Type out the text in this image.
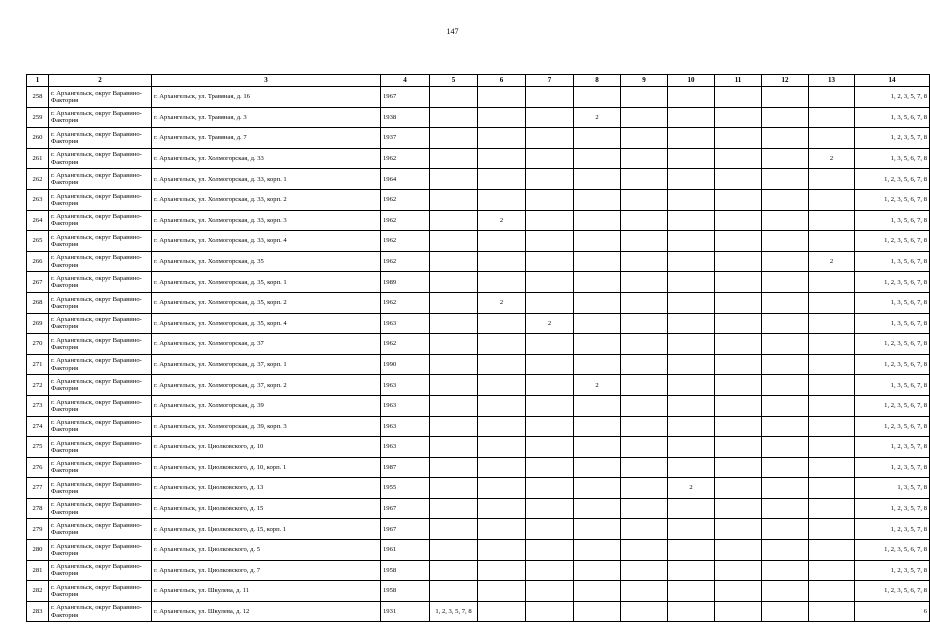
147
1	2	3	4	5	6	7	8	9	10	11	12	13	14
258	г. Архангельск, округ Варавино-Фактория	г. Архангельск, ул. Травяная, д. 16	1967										1, 2, 3, 5, 7, 8
259	г. Архангельск, округ Варавино-Фактория	г. Архангельск, ул. Травяная, д. 3	1938				2						1, 3, 5, 6, 7, 8
260	г. Архангельск, округ Варавино-Фактория	г. Архангельск, ул. Травяная, д. 7	1937										1, 2, 3, 5, 7, 8
261	г. Архангельск, округ Варавино-Фактория	г. Архангельск, ул. Холмогорская, д. 33	1962									2	1, 3, 5, 6, 7, 8
262	г. Архангельск, округ Варавино-Фактория	г. Архангельск, ул. Холмогорская, д. 33, корп. 1	1964										1, 2, 3, 5, 6, 7, 8
263	г. Архангельск, округ Варавино-Фактория	г. Архангельск, ул. Холмогорская, д. 33, корп. 2	1962										1, 2, 3, 5, 6, 7, 8
264	г. Архангельск, округ Варавино-Фактория	г. Архангельск, ул. Холмогорская, д. 33, корп. 3	1962		2								1, 3, 5, 6, 7, 8
265	г. Архангельск, округ Варавино-Фактория	г. Архангельск, ул. Холмогорская, д. 33, корп. 4	1962										1, 2, 3, 5, 6, 7, 8
266	г. Архангельск, округ Варавино-Фактория	г. Архангельск, ул. Холмогорская, д. 35	1962									2	1, 3, 5, 6, 7, 8
267	г. Архангельск, округ Варавино-Фактория	г. Архангельск, ул. Холмогорская, д. 35, корп. 1	1989										1, 2, 3, 5, 6, 7, 8
268	г. Архангельск, округ Варавино-Фактория	г. Архангельск, ул. Холмогорская, д. 35, корп. 2	1962		2								1, 3, 5, 6, 7, 8
269	г. Архангельск, округ Варавино-Фактория	г. Архангельск, ул. Холмогорская, д. 35, корп. 4	1963			2							1, 3, 5, 6, 7, 8
270	г. Архангельск, округ Варавино-Фактория	г. Архангельск, ул. Холмогорская, д. 37	1962										1, 2, 3, 5, 6, 7, 8
271	г. Архангельск, округ Варавино-Фактория	г. Архангельск, ул. Холмогорская, д. 37, корп. 1	1990										1, 2, 3, 5, 6, 7, 8
272	г. Архангельск, округ Варавино-Фактория	г. Архангельск, ул. Холмогорская, д. 37, корп. 2	1963				2						1, 3, 5, 6, 7, 8
273	г. Архангельск, округ Варавино-Фактория	г. Архангельск, ул. Холмогорская, д. 39	1963										1, 2, 3, 5, 6, 7, 8
274	г. Архангельск, округ Варавино-Фактория	г. Архангельск, ул. Холмогорская, д. 39, корп. 3	1963										1, 2, 3, 5, 6, 7, 8
275	г. Архангельск, округ Варавино-Фактория	г. Архангельск, ул. Циолковского, д. 10	1963										1, 2, 3, 5, 7, 8
276	г. Архангельск, округ Варавино-Фактория	г. Архангельск, ул. Циолковского, д. 10, корп. 1	1987										1, 2, 3, 5, 7, 8
277	г. Архангельск, округ Варавино-Фактория	г. Архангельск, ул. Циолковского, д. 13	1955						2				1, 3, 5, 7, 8
278	г. Архангельск, округ Варавино-Фактория	г. Архангельск, ул. Циолковского, д. 15	1967										1, 2, 3, 5, 7, 8
279	г. Архангельск, округ Варавино-Фактория	г. Архангельск, ул. Циолковского, д. 15, корп. 1	1967										1, 2, 3, 5, 7, 8
280	г. Архангельск, округ Варавино-Фактория	г. Архангельск, ул. Циолковского, д. 5	1961										1, 2, 3, 5, 6, 7, 8
281	г. Архангельск, округ Варавино-Фактория	г. Архангельск, ул. Циолковского, д. 7	1958										1, 2, 3, 5, 7, 8
282	г. Архангельск, округ Варавино-Фактория	г. Архангельск, ул. Шкулева, д. 11	1958										1, 2, 3, 5, 6, 7, 8
283	г. Архангельск, округ Варавино-Фактория	г. Архангельск, ул. Шкулева, д. 12	1931	1, 2, 3, 5, 7, 8									6
